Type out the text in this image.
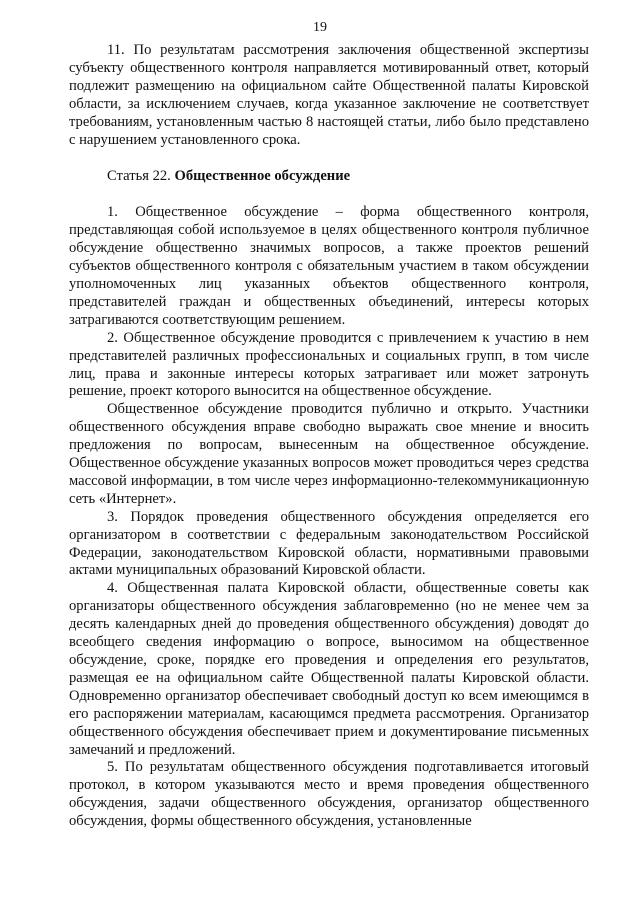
19

11. По результатам рассмотрения заключения общественной экспертизы субъекту общественного контроля направляется мотивированный ответ, который подлежит размещению на официальном сайте Общественной палаты Кировской области, за исключением случаев, когда указанное заключение не соответствует требованиям, установленным частью 8 настоящей статьи, либо было представлено с нарушением установленного срока.

Статья 22. Общественное обсуждение

1. Общественное обсуждение – форма общественного контроля, представляющая собой используемое в целях общественного контроля публичное обсуждение общественно значимых вопросов, а также проектов решений субъектов общественного контроля с обязательным участием в таком обсуждении уполномоченных лиц указанных объектов общественного контроля, представителей граждан и общественных объединений, интересы которых затрагиваются соответствующим решением.

2. Общественное обсуждение проводится с привлечением к участию в нем представителей различных профессиональных и социальных групп, в том числе лиц, права и законные интересы которых затрагивает или может затронуть решение, проект которого выносится на общественное обсуждение.

Общественное обсуждение проводится публично и открыто. Участники общественного обсуждения вправе свободно выражать свое мнение и вносить предложения по вопросам, вынесенным на общественное обсуждение. Общественное обсуждение указанных вопросов может проводиться через средства массовой информации, в том числе через информационно-телекоммуникационную сеть «Интернет».

3. Порядок проведения общественного обсуждения определяется его организатором в соответствии с федеральным законодательством Российской Федерации, законодательством Кировской области, нормативными правовыми актами муниципальных образований Кировской области.

4. Общественная палата Кировской области, общественные советы как организаторы общественного обсуждения заблаговременно (но не менее чем за десять календарных дней до проведения общественного обсуждения) доводят до всеобщего сведения информацию о вопросе, выносимом на общественное обсуждение, сроке, порядке его проведения и определения его результатов, размещая ее на официальном сайте Общественной палаты Кировской области. Одновременно организатор обеспечивает свободный доступ ко всем имеющимся в его распоряжении материалам, касающимся предмета рассмотрения. Организатор общественного обсуждения обеспечивает прием и документирование письменных замечаний и предложений.

5. По результатам общественного обсуждения подготавливается итоговый протокол, в котором указываются место и время проведения общественного обсуждения, задачи общественного обсуждения, организатор общественного обсуждения, формы общественного обсуждения, установленные
